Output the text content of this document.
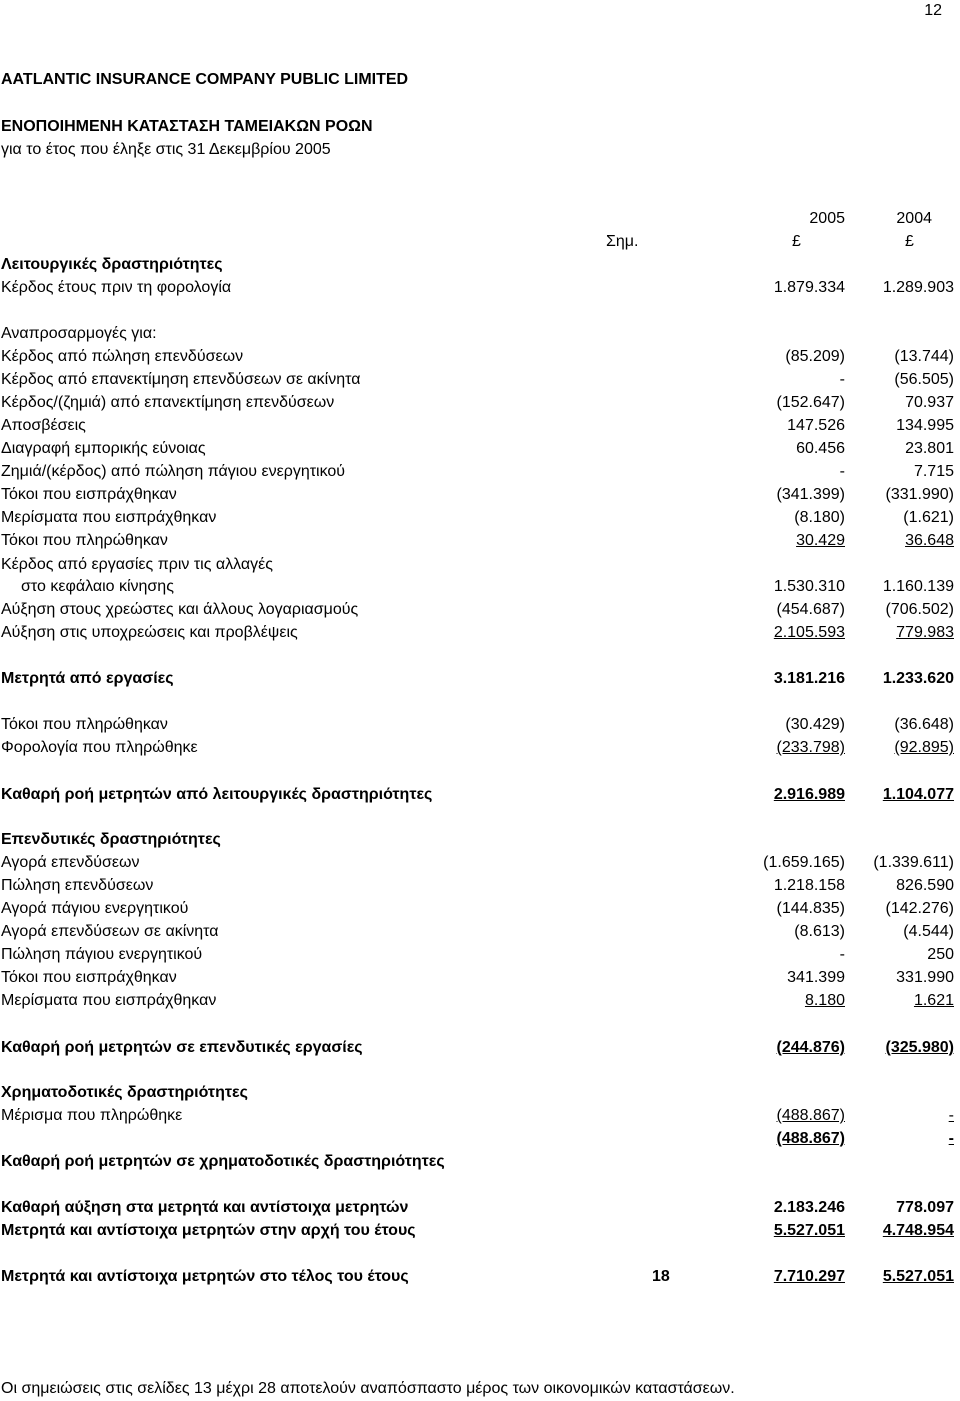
12
AATLANTIC INSURANCE COMPANY PUBLIC LIMITED
ΕΝΟΠΟΙΗΜΕΝΗ ΚΑΤΑΣΤΑΣΗ ΤΑΜΕΙΑΚΩΝ ΡΟΩΝ
για το έτος που έληξε στις 31 Δεκεμβρίου 2005
2005	2004
Σημ.	£	£
Λειτουργικές δραστηριότητες
Κέρδος έτους πριν τη φορολογία	1.879.334 1.289.903
Αναπροσαρμογές για:
Κέρδος από πώληση επενδύσεων	(85.209)	(13.744)
Κέρδος από επανεκτίμηση επενδύσεων σε ακίνητα	-	(56.505)
Κέρδος/(ζημιά) από επανεκτίμηση επενδύσεων	(152.647)	70.937
Αποσβέσεις	147.526	134.995
Διαγραφή εμπορικής εύνοιας	60.456	23.801
Ζημιά/(κέρδος) από πώληση πάγιου ενεργητικού	-	7.715
Τόκοι που εισπράχθηκαν	(341.399)	(331.990)
Μερίσματα που εισπράχθηκαν	(8.180)	(1.621)
Τόκοι που πληρώθηκαν	30.429	36.648
Κέρδος από εργασίες πριν τις αλλαγές
στο κεφάλαιο κίνησης	1.530.310 1.160.139
Αύξηση στους χρεώστες και άλλους λογαριασμούς	(454.687)	(706.502)
Αύξηση στις υποχρεώσεις και προβλέψεις	2.105.593	779.983
Μετρητά από εργασίες	3.181.216 1.233.620
Τόκοι που πληρώθηκαν	(30.429)	(36.648)
Φορολογία που πληρώθηκε	(233.798)	(92.895)
Καθαρή ροή μετρητών από λειτουργικές δραστηριότητες	2.916.989	1.104.077
Επενδυτικές δραστηριότητες
Αγορά επενδύσεων	(1.659.165) (1.339.611)
Πώληση επενδύσεων	1.218.158	826.590
Αγορά πάγιου ενεργητικού	(144.835)	(142.276)
Αγορά επενδύσεων σε ακίνητα	(8.613)	(4.544)
Πώληση πάγιου ενεργητικού	-	250
Τόκοι που εισπράχθηκαν	341.399	331.990
Μερίσματα που εισπράχθηκαν	8.180	1.621
Καθαρή ροή μετρητών σε επενδυτικές εργασίες	(244.876)	(325.980)
Χρηματοδοτικές δραστηριότητες
Μέρισμα που πληρώθηκε	(488.867)	-
(488.867)	-
Καθαρή ροή μετρητών σε χρηματοδοτικές δραστηριότητες
Καθαρή αύξηση στα μετρητά και αντίστοιχα μετρητών	2.183.246	778.097
Μετρητά και αντίστοιχα μετρητών στην αρχή του έτους	5.527.051	4.748.954
Μετρητά και αντίστοιχα μετρητών στο τέλος του έτους	18	7.710.297	5.527.051
Οι σημειώσεις στις σελίδες 13 μέχρι 28 αποτελούν αναπόσπαστο μέρος των οικονομικών καταστάσεων.
